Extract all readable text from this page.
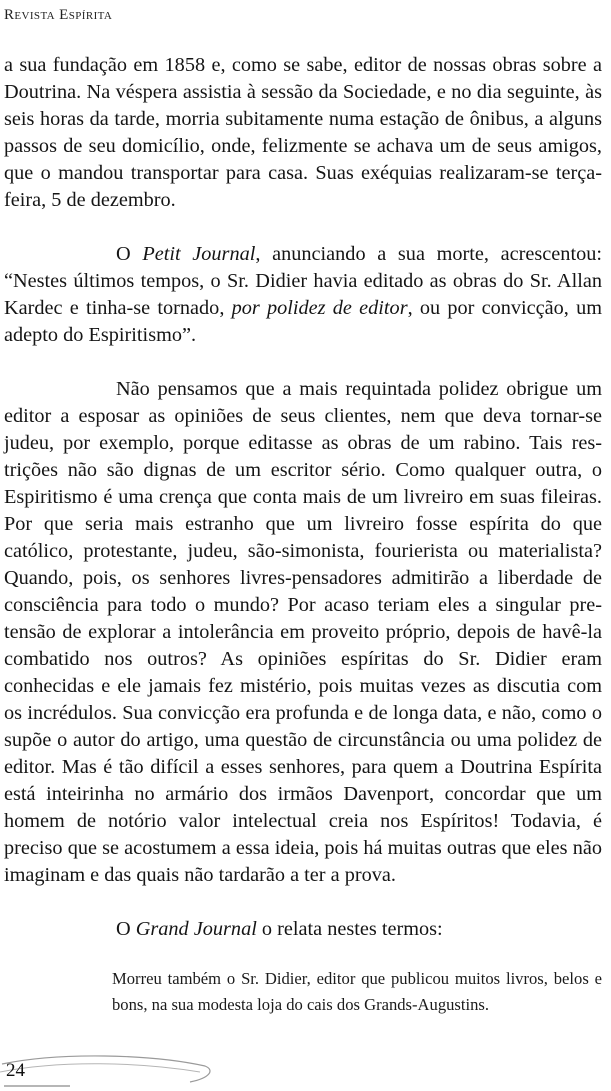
Revista Espírita

a sua fundação em 1858 e, como se sabe, editor de nossas obras sobre a Doutrina. Na véspera assistia à sessão da Sociedade, e no dia seguinte, às seis horas da tarde, morria subitamente numa estação de ônibus, a alguns passos de seu domicílio, onde, felizmente se achava um de seus amigos, que o mandou transportar para casa. Suas exéquias realizaram-se terça-feira, 5 de dezembro.

O Petit Journal, anunciando a sua morte, acrescentou: “Nestes últimos tempos, o Sr. Didier havia editado as obras do Sr. Allan Kardec e tinha-se tornado, por polidez de editor, ou por convicção, um adepto do Espiritismo”.

Não pensamos que a mais requintada polidez obrigue um editor a esposar as opiniões de seus clientes, nem que deva tornar-se judeu, por exemplo, porque editasse as obras de um rabino. Tais restrições não são dignas de um escritor sério. Como qualquer outra, o Espiritismo é uma crença que conta mais de um livreiro em suas fileiras. Por que seria mais estranho que um livreiro fosse espírita do que católico, protestante, judeu, são-simonista, fourierista ou materialista? Quando, pois, os senhores livres-pensadores admitirão a liberdade de consciência para todo o mundo? Por acaso teriam eles a singular pretensão de explorar a intolerância em proveito próprio, depois de havê-la combatido nos outros? As opiniões espíritas do Sr. Didier eram conhecidas e ele jamais fez mistério, pois muitas vezes as discutia com os incrédulos. Sua convicção era profunda e de longa data, e não, como o supõe o autor do artigo, uma questão de circunstância ou uma polidez de editor. Mas é tão difícil a esses senhores, para quem a Doutrina Espírita está inteirinha no armário dos irmãos Davenport, concordar que um homem de notório valor intelectual creia nos Espíritos! Todavia, é preciso que se acostumem a essa ideia, pois há muitas outras que eles não imaginam e das quais não tardarão a ter a prova.

O Grand Journal o relata nestes termos:

Morreu também o Sr. Didier, editor que publicou muitos livros, belos e bons, na sua modesta loja do cais dos Grands-Augustins.
24
